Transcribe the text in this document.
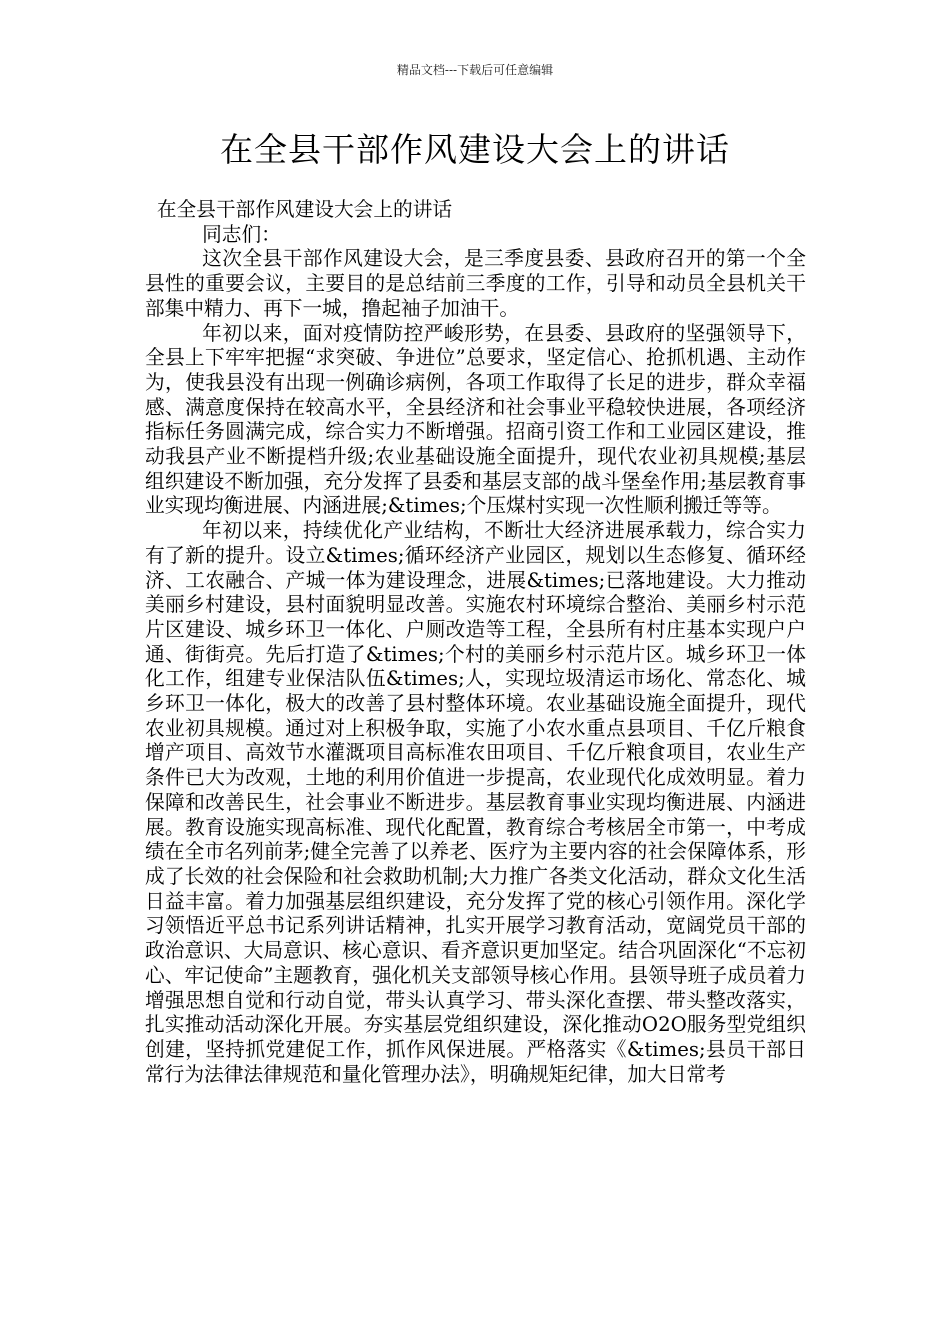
精品文档---下载后可任意编辑
在全县干部作风建设大会上的讲话

在全县干部作风建设大会上的讲话

同志们：

这次全县干部作风建设大会，是三季度县委、县政府召开的第一个全县性的重要会议，主要目的是总结前三季度的工作，引导和动员全县机关干部集中精力、再下一城，撸起袖子加油干。

年初以来，面对疫情防控严峻形势，在县委、县政府的坚强领导下，全县上下牢牢把握“求突破、争进位”总要求，坚定信心、抢抓机遇、主动作为，使我县没有出现一例确诊病例，各项工作取得了长足的进步，群众幸福感、满意度保持在较高水平，全县经济和社会事业平稳较快进展，各项经济指标任务圆满完成，综合实力不断增强。招商引资工作和工业园区建设，推动我县产业不断提档升级;农业基础设施全面提升，现代农业初具规模;基层组织建设不断加强，充分发挥了县委和基层支部的战斗堡垒作用;基层教育事业实现均衡进展、内涵进展;&times;个压煤村实现一次性顺利搬迁等等。

年初以来，持续优化产业结构，不断壮大经济进展承载力，综合实力有了新的提升。设立&times;循环经济产业园区，规划以生态修复、循环经济、工农融合、产城一体为建设理念，进展&times;已落地建设。大力推动美丽乡村建设，县村面貌明显改善。实施农村环境综合整治、美丽乡村示范片区建设、城乡环卫一体化、户厕改造等工程，全县所有村庄基本实现户户通、街街亮。先后打造了&times;个村的美丽乡村示范片区。城乡环卫一体化工作，组建专业保洁队伍&times;人，实现垃圾清运市场化、常态化、城乡环卫一体化，极大的改善了县村整体环境。农业基础设施全面提升，现代农业初具规模。通过对上积极争取，实施了小农水重点县项目、千亿斤粮食增产项目、高效节水灌溉项目高标准农田项目、千亿斤粮食项目，农业生产条件已大为改观，土地的利用价值进一步提高，农业现代化成效明显。着力保障和改善民生，社会事业不断进步。基层教育事业实现均衡进展、内涵进展。教育设施实现高标准、现代化配置，教育综合考核居全市第一，中考成绩在全市名列前茅;健全完善了以养老、医疗为主要内容的社会保障体系，形成了长效的社会保险和社会救助机制;大力推广各类文化活动，群众文化生活日益丰富。着力加强基层组织建设，充分发挥了党的核心引领作用。深化学习领悟近平总书记系列讲话精神，扎实开展学习教育活动，宽阔党员干部的政治意识、大局意识、核心意识、看齐意识更加坚定。结合巩固深化“不忘初心、牢记使命”主题教育，强化机关支部领导核心作用。县领导班子成员着力增强思想自觉和行动自觉，带头认真学习、带头深化查摆、带头整改落实，扎实推动活动深化开展。夯实基层党组织建设，深化推动O2O服务型党组织创建，坚持抓党建促工作，抓作风保进展。严格落实《&times;县员干部日常行为法律法律规范和量化管理办法》，明确规矩纪律，加大日常考
